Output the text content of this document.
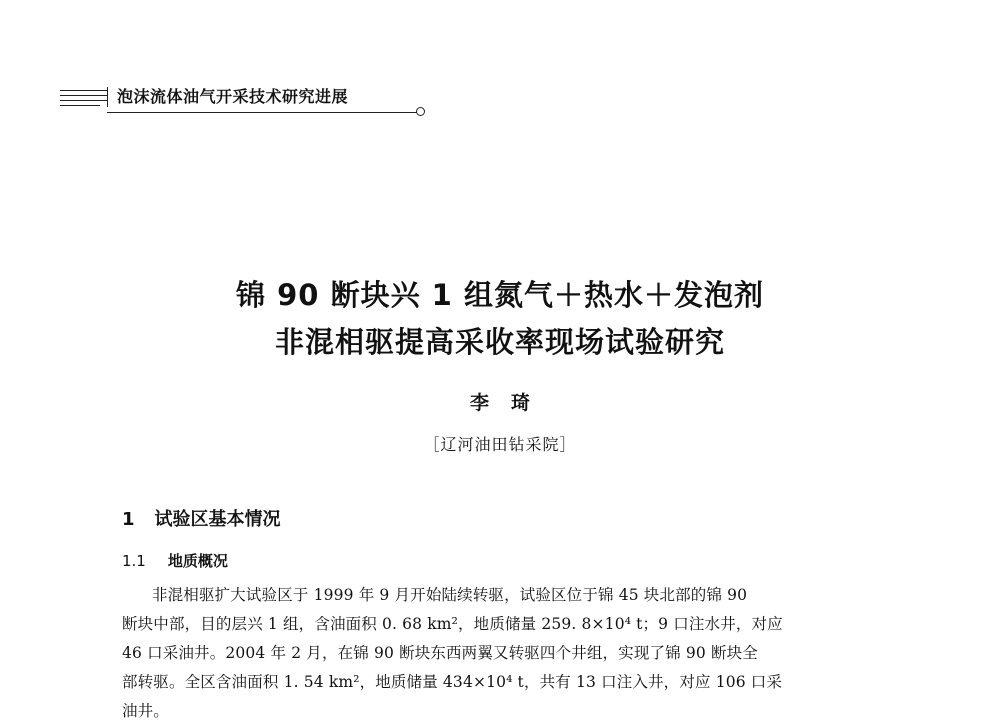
泡沫流体油气开采技术研究进展
锦 90 断块兴 1 组氮气＋热水＋发泡剂
非混相驱提高采收率现场试验研究
李琦
［辽河油田钻采院］
1 试验区基本情况
1.1 地质概况
非混相驱扩大试验区于 1999 年 9 月开始陆续转驱，试验区位于锦 45 块北部的锦 90
断块中部，目的层兴 1 组，含油面积 0. 68 km²，地质储量 259. 8×10⁴ t；9 口注水井，对应
46 口采油井。2004 年 2 月，在锦 90 断块东西两翼又转驱四个井组，实现了锦 90 断块全
部转驱。全区含油面积 1. 54 km²，地质储量 434×10⁴ t，共有 13 口注入井，对应 106 口采
油井。
